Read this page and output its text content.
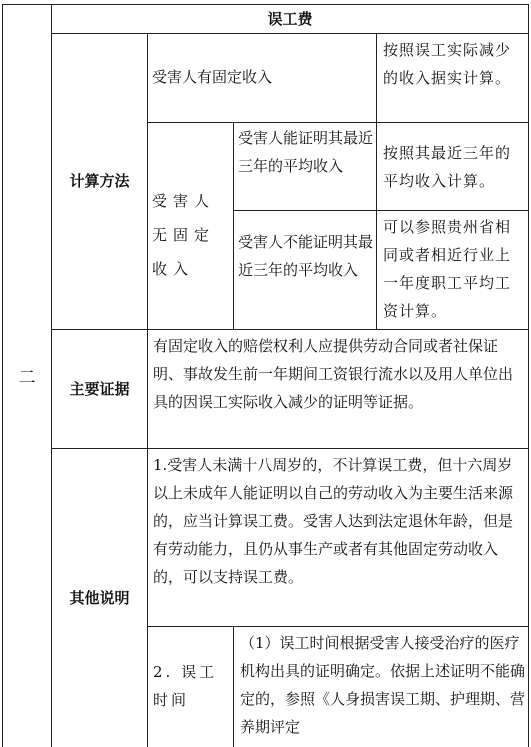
二
误工费
计算方法
受害人有固定收入
按照误工实际减少的收入据实计算。
受害人无固定收入
受害人能证明其最近三年的平均收入
按照其最近三年的平均收入计算。
受害人不能证明其最近三年的平均收入
可以参照贵州省相同或者相近行业上一年度职工平均工资计算。
主要证据
有固定收入的赔偿权利人应提供劳动合同或者社保证明、事故发生前一年期间工资银行流水以及用人单位出具的因误工实际收入减少的证明等证据。
其他说明
1.受害人未满十八周岁的，不计算误工费，但十六周岁以上未成年人能证明以自己的劳动收入为主要生活来源的，应当计算误工费。受害人达到法定退休年龄，但是有劳动能力，且仍从事生产或者有其他固定劳动收入的，可以支持误工费。
2. 误工时间
（1）误工时间根据受害人接受治疗的医疗机构出具的证明确定。依据上述证明不能确定的，参照《人身损害误工期、护理期、营养期评定
